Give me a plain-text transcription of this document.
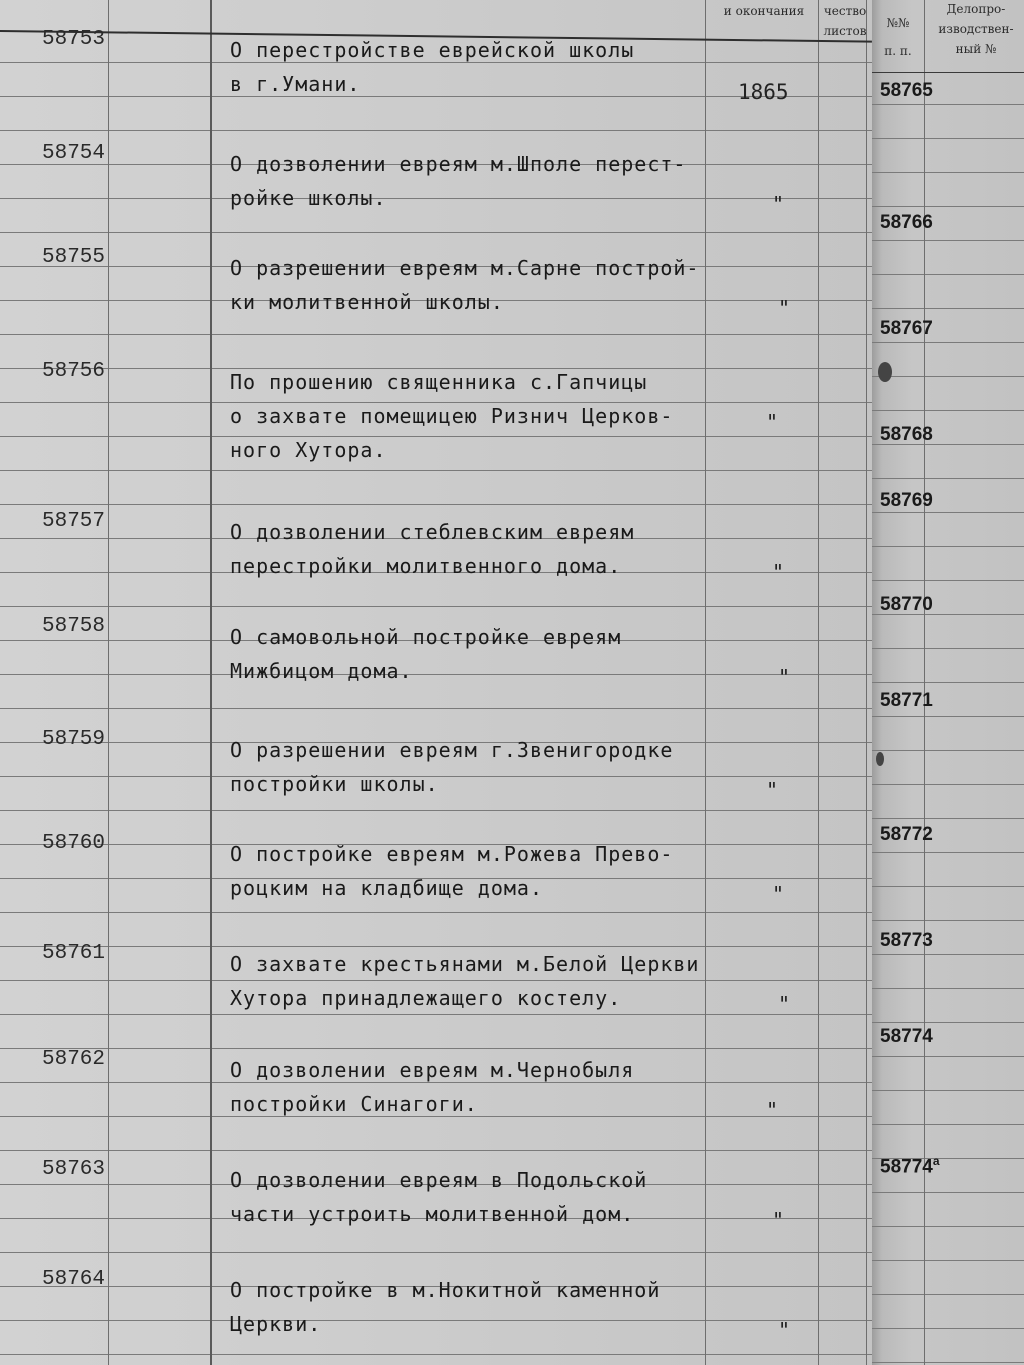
и окончания	чество
листов
1865
58753	О перестройстве еврейской школы
в г.Умани.
58754	О дозволении евреям м.Шполе перест-
ройке школы.	"
58755	О разрешении евреям м.Сарне построй-
ки молитвенной школы.	"
58756	По прошению священника с.Гапчицы
о захвате помещицею Ризнич Церков-
ного Хутора.
"
58757	О дозволении стеблевским евреям
перестройки молитвенного дома.	"
58758	О самовольной постройке евреям
Мижбицом дома.	"
58759	О разрешении евреям г.Звенигородке
постройки школы.	"
58760	О постройке евреям м.Рожева Прево-
роцким на кладбище дома.	"
58761	О захвате крестьянами м.Белой Церкви
Хутора принадлежащего костелу.	"
58762	О дозволении евреям м.Чернобыля
постройки Синагоги.	"
58763	О дозволении евреям в Подольской
части устроить молитвенной дом.	"
58764	О постройке в м.Нокитной каменной
Церкви.	"
№№
п. п.
Делопро-
изводствен-
ный №
58765
58766
58767
58768
58769
58770
58771
58772
58773
58774
$58774^а$
